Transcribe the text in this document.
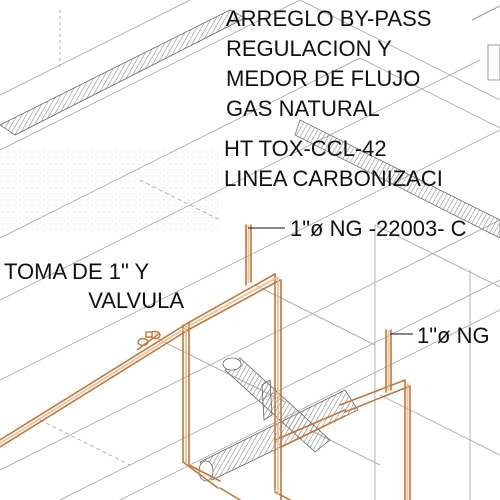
ARREGLO BY-PASS
REGULACION Y
MEDOR DE FLUJO
GAS NATURAL
HT TOX-CCL-42
LINEA CARBONIZACI
1"ø NG -22003- C
1"ø NG
TOMA DE 1" Y
VALVULA
